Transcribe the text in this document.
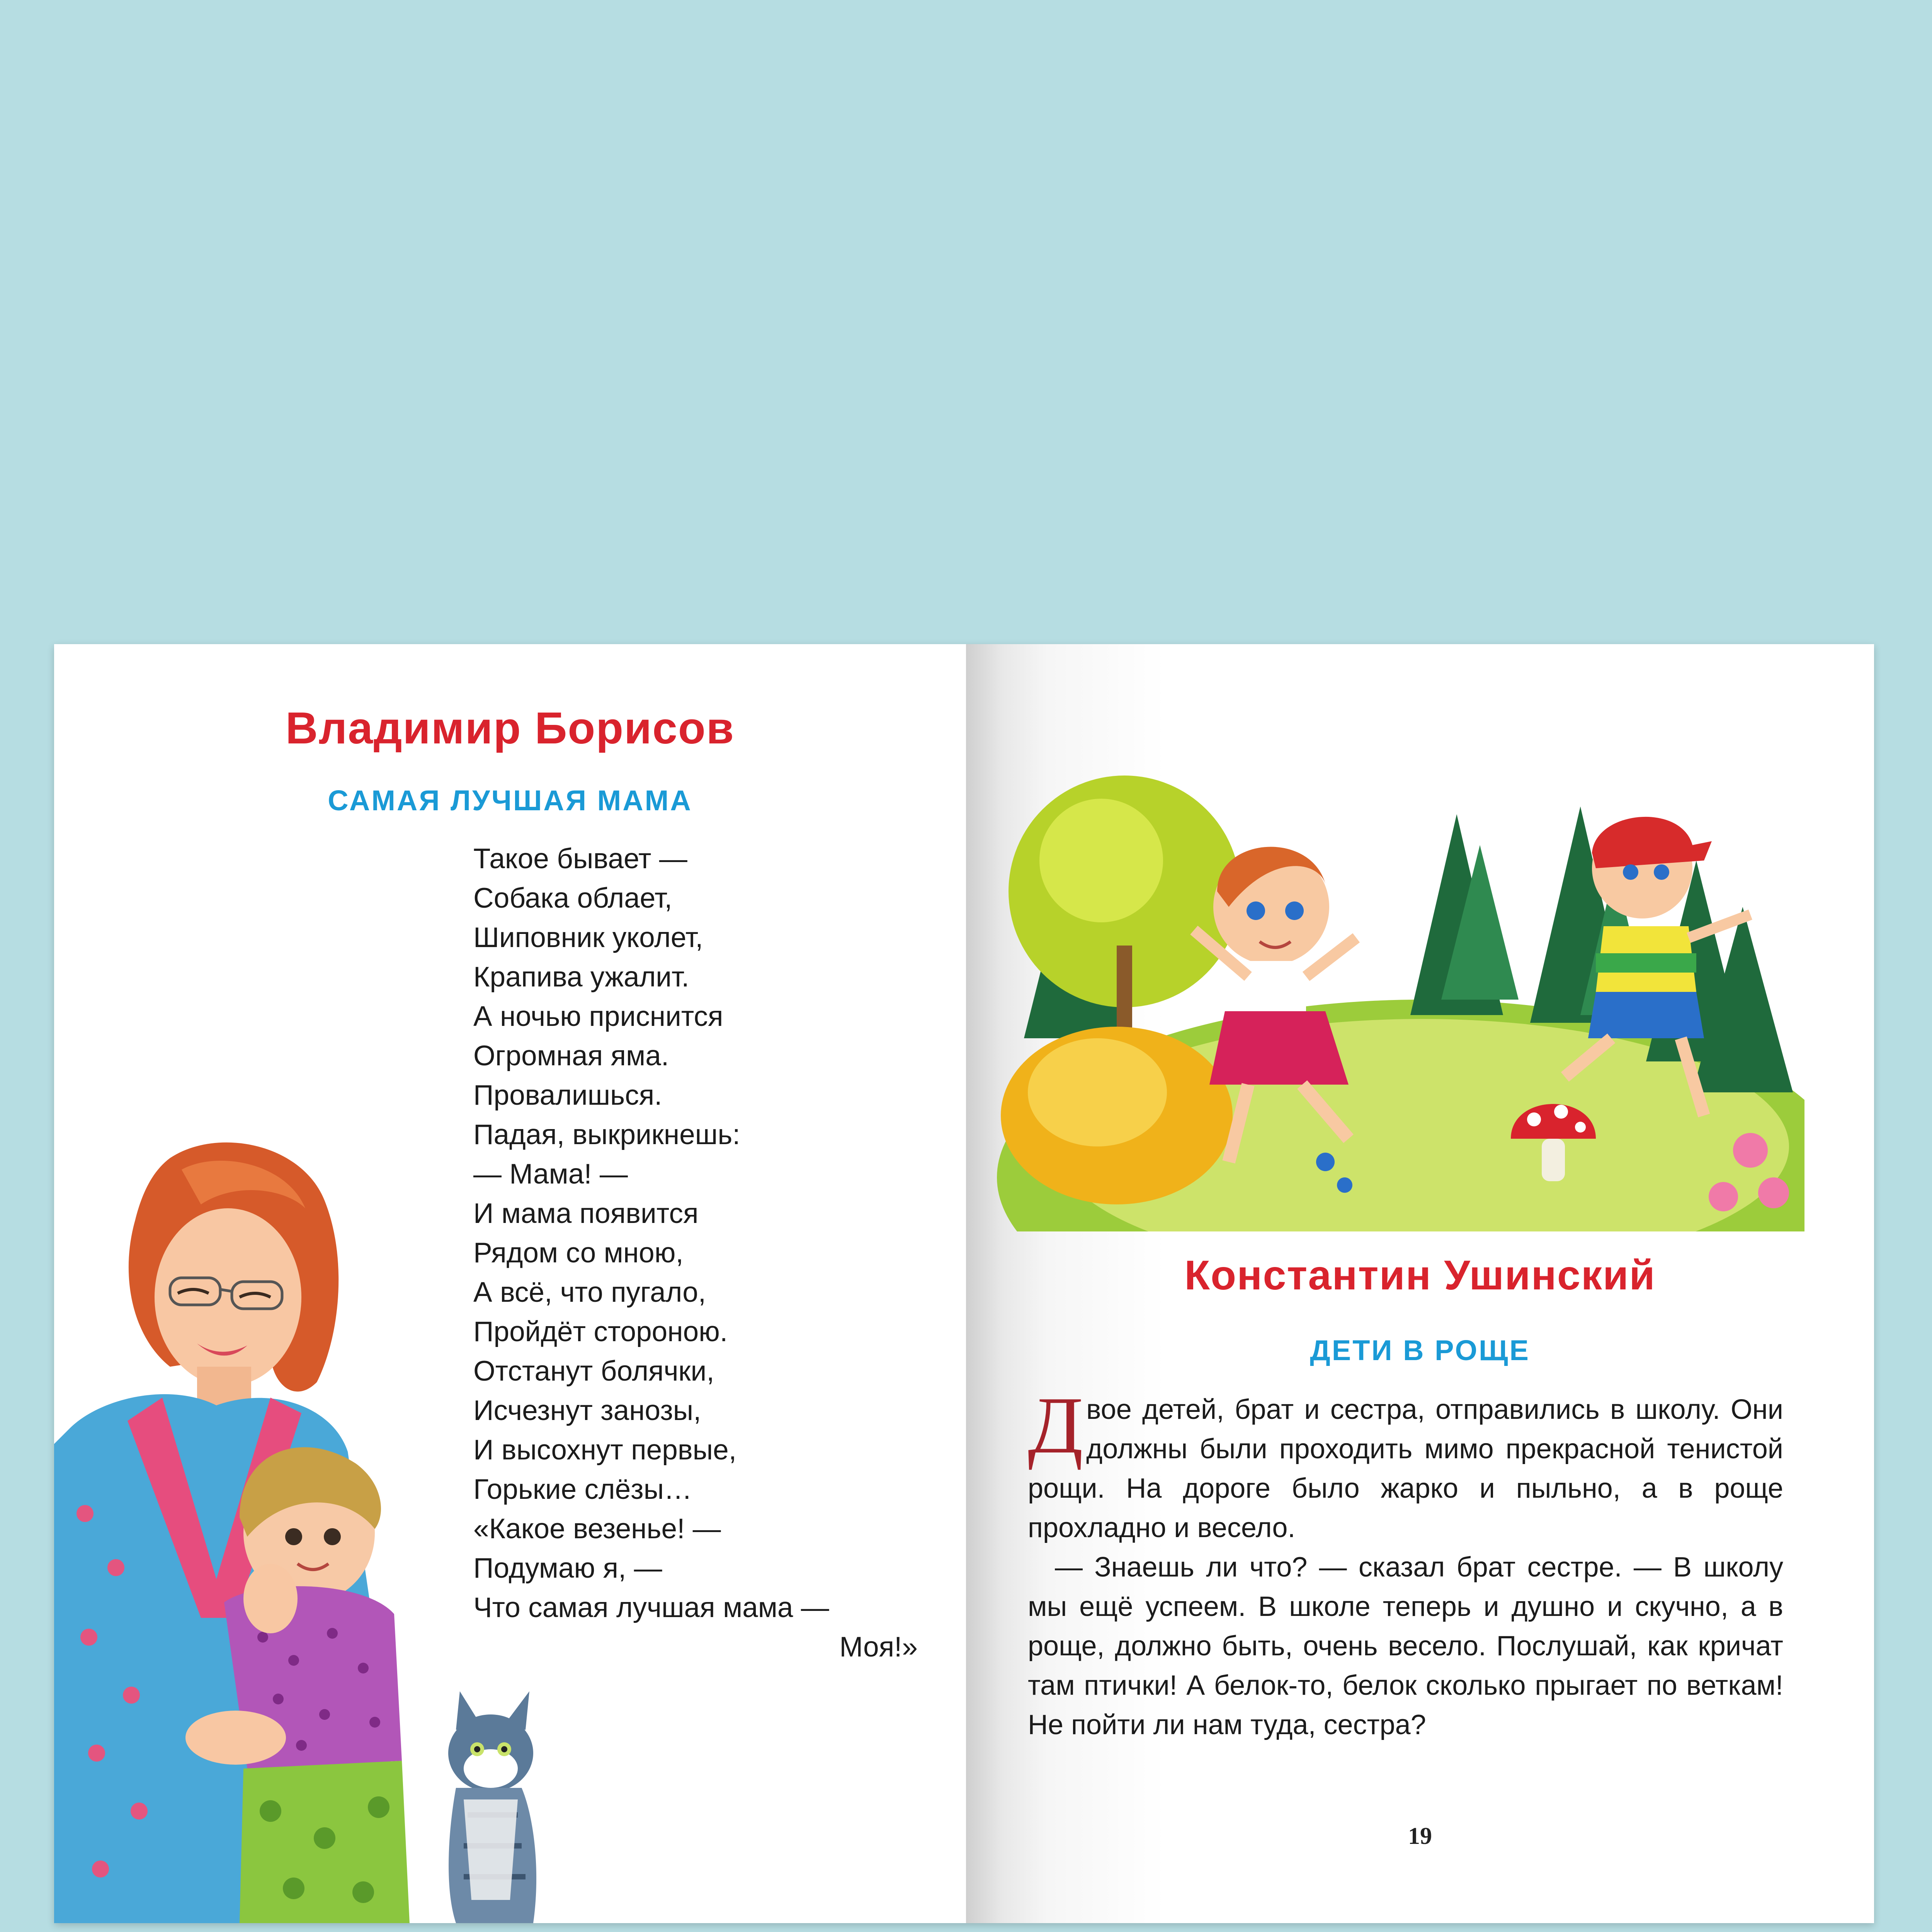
Владимир Борисов
САМАЯ ЛУЧШАЯ МАМА
Такое бывает —
Собака облает,
Шиповник уколет,
Крапива ужалит.
А ночью приснится
Огромная яма.
Провалишься.
Падая, выкрикнешь:
— Мама! —
И мама появится
Рядом со мною,
А всё, что пугало,
Пройдёт стороною.
Отстанут болячки,
Исчезнут занозы,
И высохнут первые,
Горькие слёзы…
«Какое везенье! —
Подумаю я, —
Что самая лучшая мама —
Моя!»
Константин Ушинский
ДЕТИ В РОЩЕ

Двое детей, брат и сестра, отправились в школу. Они должны были проходить мимо прекрасной тенистой рощи. На дороге было жарко и пыльно, а в роще прохладно и весело.

— Знаешь ли что? — сказал брат сестре. — В школу мы ещё успеем. В школе теперь и душно и скучно, а в роще, должно быть, очень весело. Послушай, как кричат там птички! А белок-то, белок сколько прыгает по веткам! Не пойти ли нам туда, сестра?

19
